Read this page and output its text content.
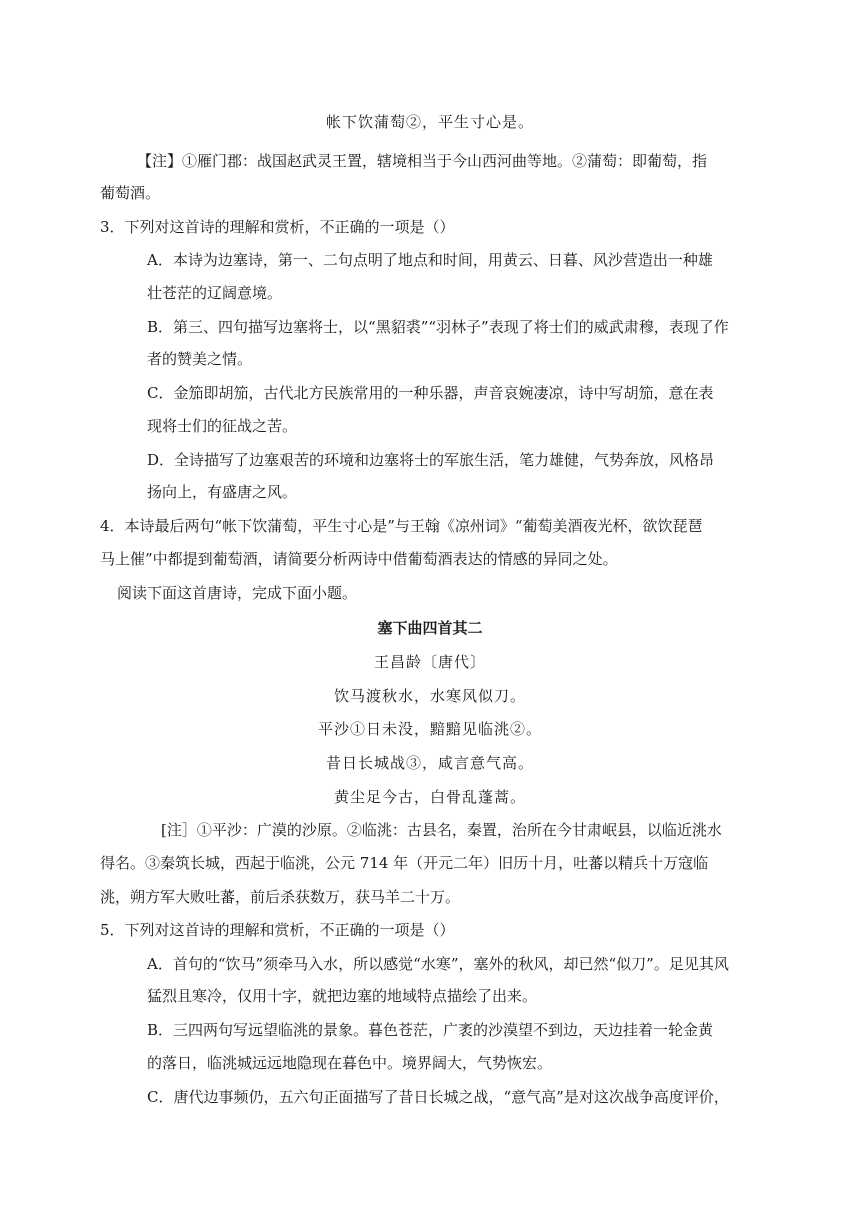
帐下饮蒲萄②，平生寸心是。
【注】①雁门郡：战国赵武灵王置，辖境相当于今山西河曲等地。②蒲萄：即葡萄，指
葡萄酒。
3．下列对这首诗的理解和赏析，不正确的一项是（）
A．本诗为边塞诗，第一、二句点明了地点和时间，用黄云、日暮、风沙营造出一种雄
壮苍茫的辽阔意境。
B．第三、四句描写边塞将士，以“黑貂裘”“羽林子”表现了将士们的威武肃穆，表现了作
者的赞美之情。
C．金笳即胡笳，古代北方民族常用的一种乐器，声音哀婉凄凉，诗中写胡笳，意在表
现将士们的征战之苦。
D．全诗描写了边塞艰苦的环境和边塞将士的军旅生活，笔力雄健，气势奔放，风格昂
扬向上，有盛唐之风。
4．本诗最后两句“帐下饮蒲萄，平生寸心是”与王翰《凉州词》“葡萄美酒夜光杯，欲饮琵琶
马上催”中都提到葡萄酒，请简要分析两诗中借葡萄酒表达的情感的异同之处。
阅读下面这首唐诗，完成下面小题。
塞下曲四首其二
王昌龄〔唐代〕
饮马渡秋水，水寒风似刀。
平沙①日未没，黯黯见临洮②。
昔日长城战③，咸言意气高。
黄尘足今古，白骨乱蓬蒿。
[注］①平沙：广漠的沙原。②临洮：古县名，秦置，治所在今甘肃岷县，以临近洮水
得名。③秦筑长城，西起于临洮，公元 714 年（开元二年）旧历十月，吐蕃以精兵十万寇临
洮，朔方军大败吐蕃，前后杀获数万，获马羊二十万。
5．下列对这首诗的理解和赏析，不正确的一项是（）
A．首句的“饮马”须牵马入水，所以感觉“水寒”，塞外的秋风，却已然“似刀”。足见其风
猛烈且寒冷，仅用十字，就把边塞的地域特点描绘了出来。
B．三四两句写远望临洮的景象。暮色苍茫，广袤的沙漠望不到边，天边挂着一轮金黄
的落日，临洮城远远地隐现在暮色中。境界阔大，气势恢宏。
C．唐代边事频仍，五六句正面描写了昔日长城之战，“意气高”是对这次战争高度评价，
